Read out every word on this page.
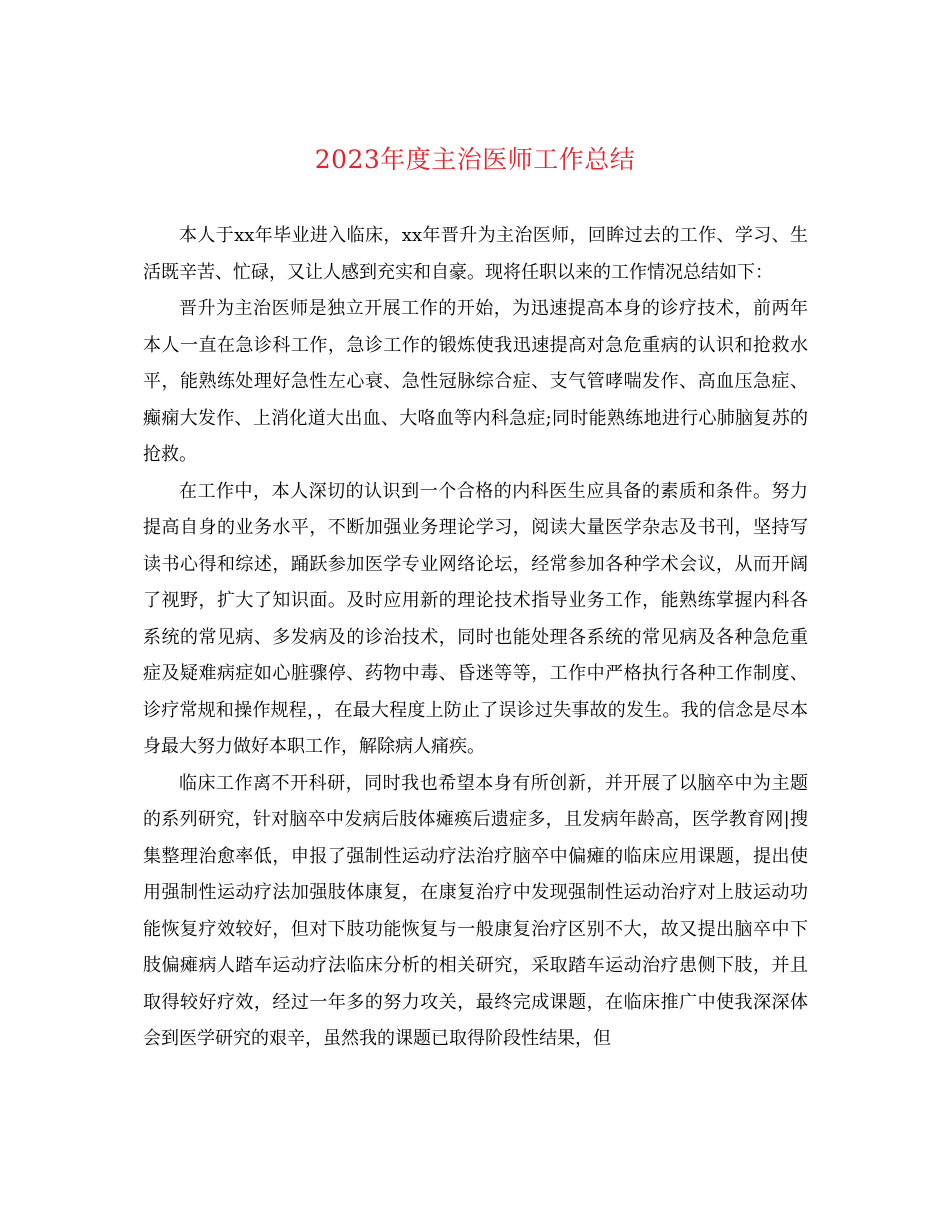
2023年度主治医师工作总结

本人于xx年毕业进入临床，xx年晋升为主治医师，回眸过去的工作、学习、生活既辛苦、忙碌，又让人感到充实和自豪。现将任职以来的工作情况总结如下：

晋升为主治医师是独立开展工作的开始，为迅速提高本身的诊疗技术，前两年本人一直在急诊科工作，急诊工作的锻炼使我迅速提高对急危重病的认识和抢救水平，能熟练处理好急性左心衰、急性冠脉综合症、支气管哮喘发作、高血压急症、癫痫大发作、上消化道大出血、大咯血等内科急症;同时能熟练地进行心肺脑复苏的抢救。

在工作中，本人深切的认识到一个合格的内科医生应具备的素质和条件。努力提高自身的业务水平，不断加强业务理论学习，阅读大量医学杂志及书刊，坚持写读书心得和综述，踊跃参加医学专业网络论坛，经常参加各种学术会议，从而开阔了视野，扩大了知识面。及时应用新的理论技术指导业务工作，能熟练掌握内科各系统的常见病、多发病及的诊治技术，同时也能处理各系统的常见病及各种急危重症及疑难病症如心脏骤停、药物中毒、昏迷等等，工作中严格执行各种工作制度、诊疗常规和操作规程，，在最大程度上防止了误诊过失事故的发生。我的信念是尽本身最大努力做好本职工作，解除病人痛疾。

临床工作离不开科研，同时我也希望本身有所创新，并开展了以脑卒中为主题的系列研究，针对脑卒中发病后肢体瘫痪后遗症多，且发病年龄高，医学教育网|搜集整理治愈率低，申报了强制性运动疗法治疗脑卒中偏瘫的临床应用课题，提出使用强制性运动疗法加强肢体康复，在康复治疗中发现强制性运动治疗对上肢运动功能恢复疗效较好，但对下肢功能恢复与一般康复治疗区别不大，故又提出脑卒中下肢偏瘫病人踏车运动疗法临床分析的相关研究，采取踏车运动治疗患侧下肢，并且取得较好疗效，经过一年多的努力攻关，最终完成课题，在临床推广中使我深深体会到医学研究的艰辛，虽然我的课题已取得阶段性结果，但
